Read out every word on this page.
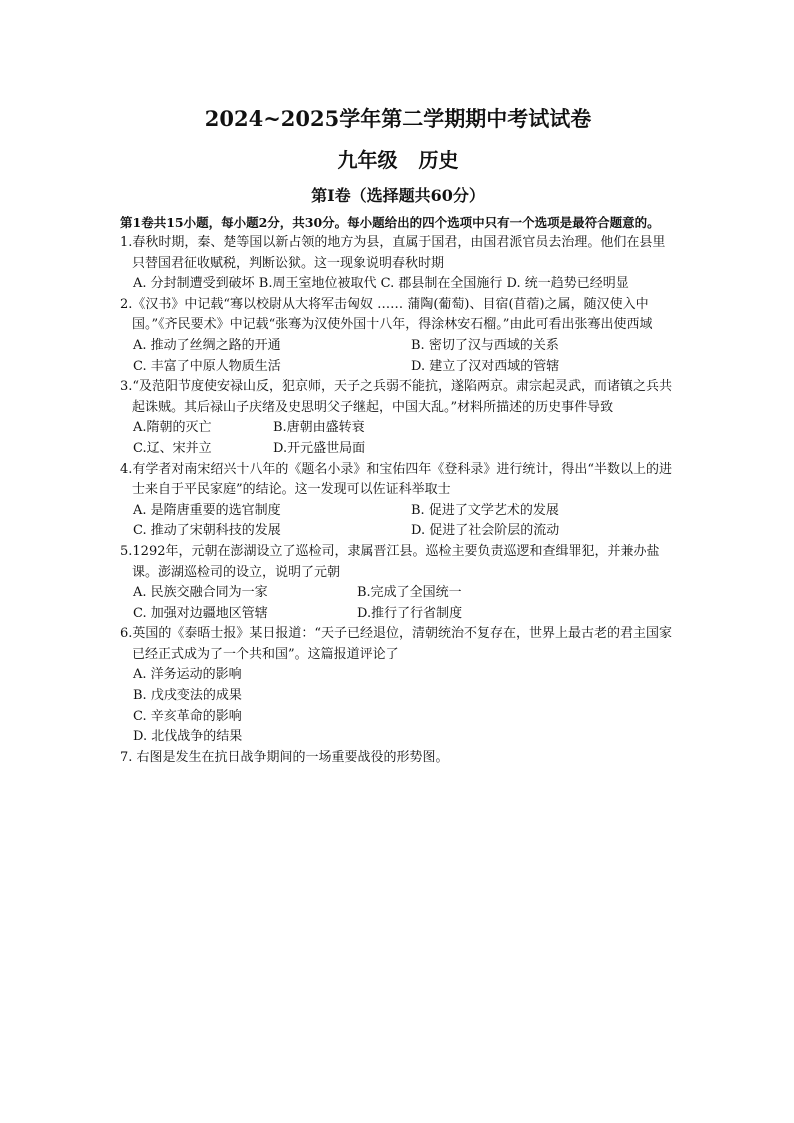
2024~2025学年第二学期期中考试试卷
九年级 历史
第I卷（选择题共60分）

第1卷共15小题，每小题2分，共30分。每小题给出的四个选项中只有一个选项是最符合题意的。

1.春秋时期，秦、楚等国以新占领的地方为县，直属于国君，由国君派官员去治理。他们在县里只替国君征收赋税，判断讼狱。这一现象说明春秋时期

A. 分封制遭受到破坏 B.周王室地位被取代 C. 郡县制在全国施行 D. 统一趋势已经明显

2.《汉书》中记载“骞以校尉从大将军击匈奴 …… 蒲陶(葡萄)、目宿(苜蓿)之属，随汉使入中国。”《齐民要术》中记载“张骞为汉使外国十八年，得涂林安石榴。”由此可看出张骞出使西域

A. 推动了丝绸之路的开通	B. 密切了汉与西域的关系
C. 丰富了中原人物质生活	D. 建立了汉对西域的管辖

3.“及范阳节度使安禄山反，犯京师，天子之兵弱不能抗，遂陷两京。肃宗起灵武，而诸镇之兵共起诛贼。其后禄山子庆绪及史思明父子继起，中国大乱。”材料所描述的历史事件导致

A.隋朝的灭亡	B.唐朝由盛转衰
C.辽、宋并立	D.开元盛世局面

4.有学者对南宋绍兴十八年的《题名小录》和宝佑四年《登科录》进行统计，得出“半数以上的进士来自于平民家庭”的结论。这一发现可以佐证科举取士

A. 是隋唐重要的选官制度	B. 促进了文学艺术的发展
C. 推动了宋朝科技的发展	D. 促进了社会阶层的流动

5.1292年，元朝在澎湖设立了巡检司，隶属晋江县。巡检主要负责巡逻和查缉罪犯，并兼办盐课。澎湖巡检司的设立，说明了元朝

A. 民族交融合同为一家	B.完成了全国统一
C. 加强对边疆地区管辖	D.推行了行省制度

6.英国的《泰晤士报》某日报道：“天子已经退位，清朝统治不复存在，世界上最古老的君主国家已经正式成为了一个共和国”。这篇报道评论了

A. 洋务运动的影响
B. 戊戌变法的成果
C. 辛亥革命的影响
D. 北伐战争的结果

7. 右图是发生在抗日战争期间的一场重要战役的形势图。
